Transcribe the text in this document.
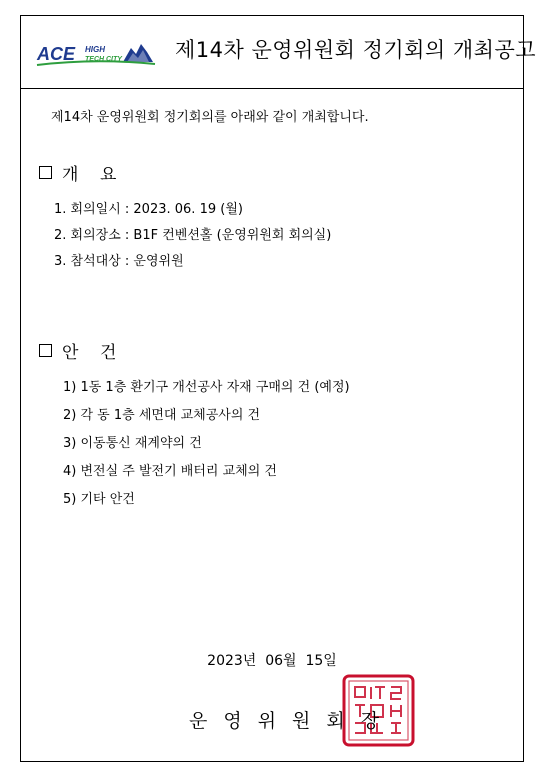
ACE HIGH
TECH CITY	제14차 운영위원회 정기회의 개최공고
제14차 운영위원회 정기회의를 아래와 같이 개최합니다.
개    요
1. 회의일시 : 2023. 06. 19 (월)
2. 회의장소 : B1F 컨벤션홀 (운영위원회 회의실)
3. 참석대상 : 운영위원
안    건
1) 1동 1층 환기구 개선공사 자재 구매의 건 (예정)
2) 각 동 1층 세면대 교체공사의 건
3) 이동통신 재계약의 건
4) 변전실 주 발전기 배터리 교체의 건
5) 기타 안건
2023년  06월  15일
운영위원회장
